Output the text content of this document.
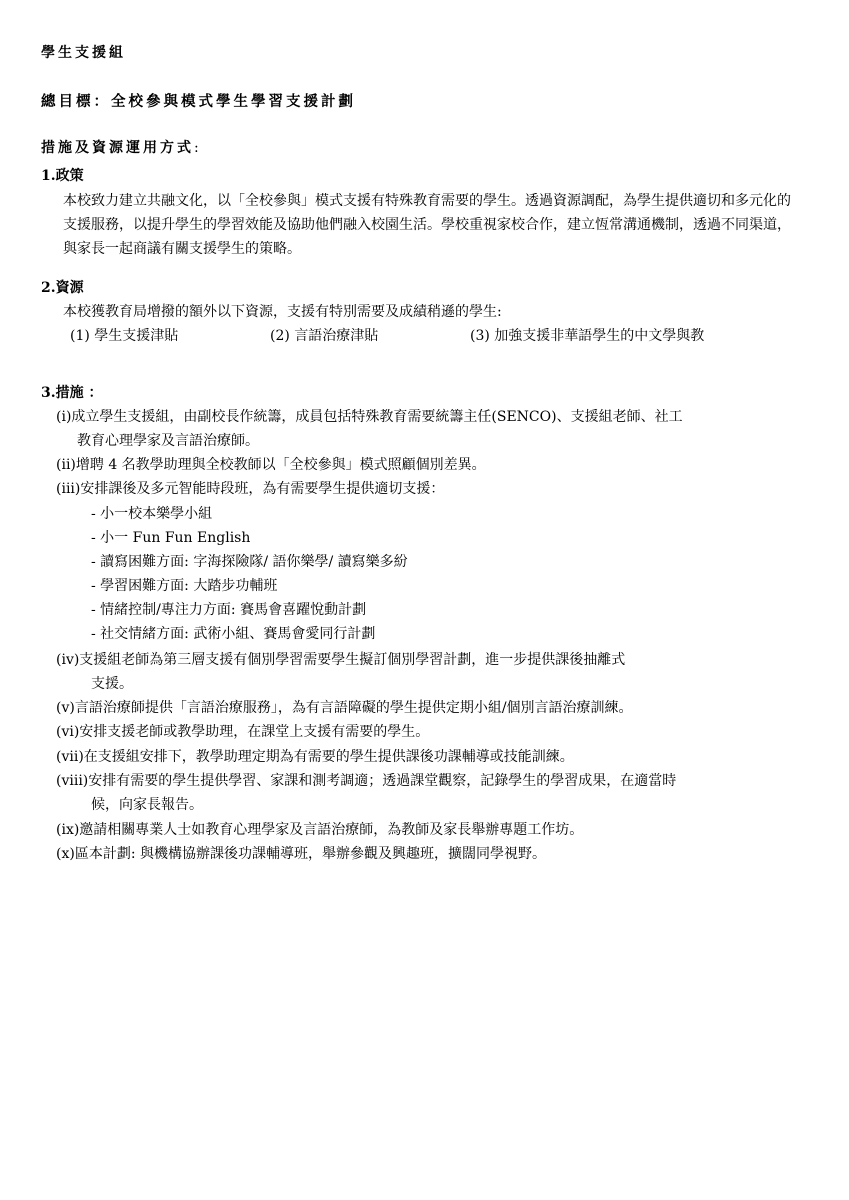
學生支援組
總目標：全校參與模式學生學習支援計劃
措施及資源運用方式:
1.政策

本校致力建立共融文化，以「全校參與」模式支援有特殊教育需要的學生。透過資源調配，為學生提供適切和多元化的支援服務，以提升學生的學習效能及協助他們融入校園生活。學校重視家校合作，建立恆常溝通機制，透過不同渠道，與家長一起商議有關支援學生的策略。

2.資源
本校獲教育局增撥的額外以下資源，支援有特別需要及成績稍遜的學生:
(1) 學生支援津貼	(2) 言語治療津貼	(3) 加強支援非華語學生的中文學與教
3.措施 ：
(i)成立學生支援組，由副校長作統籌，成員包括特殊教育需要統籌主任(SENCO)、支援組老師、社工
教育心理學家及言語治療師。
(ii)增聘 4 名教學助理與全校教師以「全校參與」模式照顧個別差異。
(iii)安排課後及多元智能時段班，為有需要學生提供適切支援：
- 小一校本樂學小組
- 小一 Fun Fun English
- 讀寫困難方面: 字海探險隊/ 語你樂學/ 讀寫樂多紛
- 學習困難方面: 大踏步功輔班
- 情緒控制/專注力方面: 賽馬會喜躍悅動計劃
- 社交情緒方面: 武術小組、賽馬會愛同行計劃
(iv)支援組老師為第三層支援有個別學習需要學生擬訂個別學習計劃，進一步提供課後抽離式
支援。
(v)言語治療師提供「言語治療服務」，為有言語障礙的學生提供定期小組/個別言語治療訓練。
(vi)安排支援老師或教學助理，在課堂上支援有需要的學生。
(vii)在支援組安排下，教學助理定期為有需要的學生提供課後功課輔導或技能訓練。
(viii)安排有需要的學生提供學習、家課和測考調適；透過課堂觀察，記錄學生的學習成果，在適當時
候，向家長報告。
(ix)邀請相關專業人士如教育心理學家及言語治療師，為教師及家長舉辦專題工作坊。
(x)區本計劃: 與機構協辦課後功課輔導班，舉辦參觀及興趣班，擴闊同學視野。
